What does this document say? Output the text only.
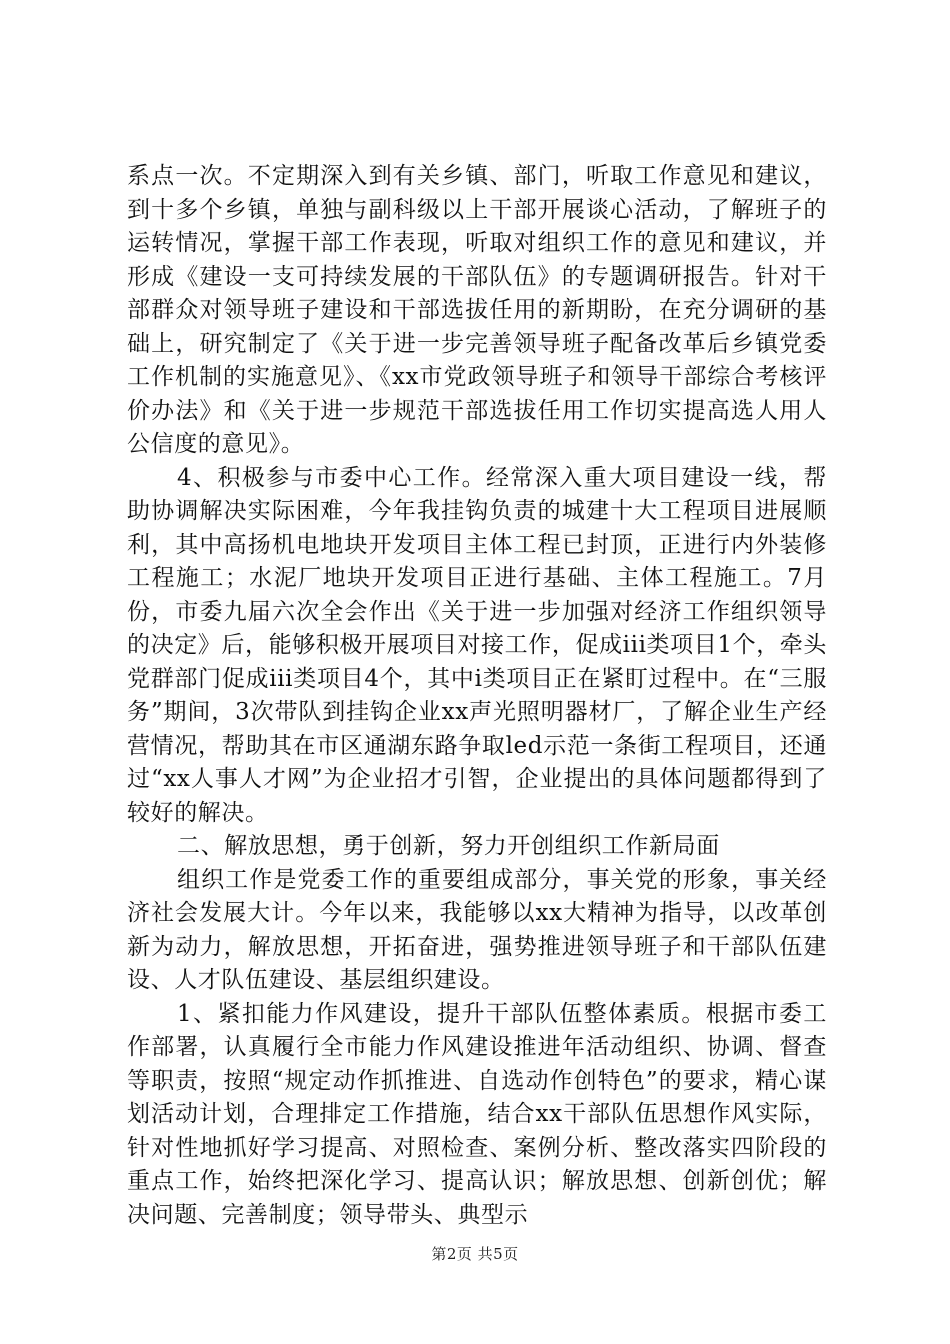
系点一次。不定期深入到有关乡镇、部门，听取工作意见和建议，到十多个乡镇，单独与副科级以上干部开展谈心活动，了解班子的运转情况，掌握干部工作表现，听取对组织工作的意见和建议，并形成《建设一支可持续发展的干部队伍》的专题调研报告。针对干部群众对领导班子建设和干部选拔任用的新期盼，在充分调研的基础上，研究制定了《关于进一步完善领导班子配备改革后乡镇党委工作机制的实施意见》、《xx市党政领导班子和领导干部综合考核评价办法》和《关于进一步规范干部选拔任用工作切实提高选人用人公信度的意见》。

4、积极参与市委中心工作。经常深入重大项目建设一线，帮助协调解决实际困难，今年我挂钩负责的城建十大工程项目进展顺利，其中高扬机电地块开发项目主体工程已封顶，正进行内外装修工程施工；水泥厂地块开发项目正进行基础、主体工程施工。7月份，市委九届六次全会作出《关于进一步加强对经济工作组织领导的决定》后，能够积极开展项目对接工作，促成iii类项目1个，牵头党群部门促成iii类项目4个，其中i类项目正在紧盯过程中。在“三服务”期间，3次带队到挂钩企业xx声光照明器材厂，了解企业生产经营情况，帮助其在市区通湖东路争取led示范一条街工程项目，还通过“xx人事人才网”为企业招才引智，企业提出的具体问题都得到了较好的解决。

二、解放思想，勇于创新，努力开创组织工作新局面

组织工作是党委工作的重要组成部分，事关党的形象，事关经济社会发展大计。今年以来，我能够以xx大精神为指导，以改革创新为动力，解放思想，开拓奋进，强势推进领导班子和干部队伍建设、人才队伍建设、基层组织建设。

1、紧扣能力作风建设，提升干部队伍整体素质。根据市委工作部署，认真履行全市能力作风建设推进年活动组织、协调、督查等职责，按照“规定动作抓推进、自选动作创特色”的要求，精心谋划活动计划，合理排定工作措施，结合xx干部队伍思想作风实际，针对性地抓好学习提高、对照检查、案例分析、整改落实四阶段的重点工作，始终把深化学习、提高认识；解放思想、创新创优；解决问题、完善制度；领导带头、典型示

第2页 共5页
